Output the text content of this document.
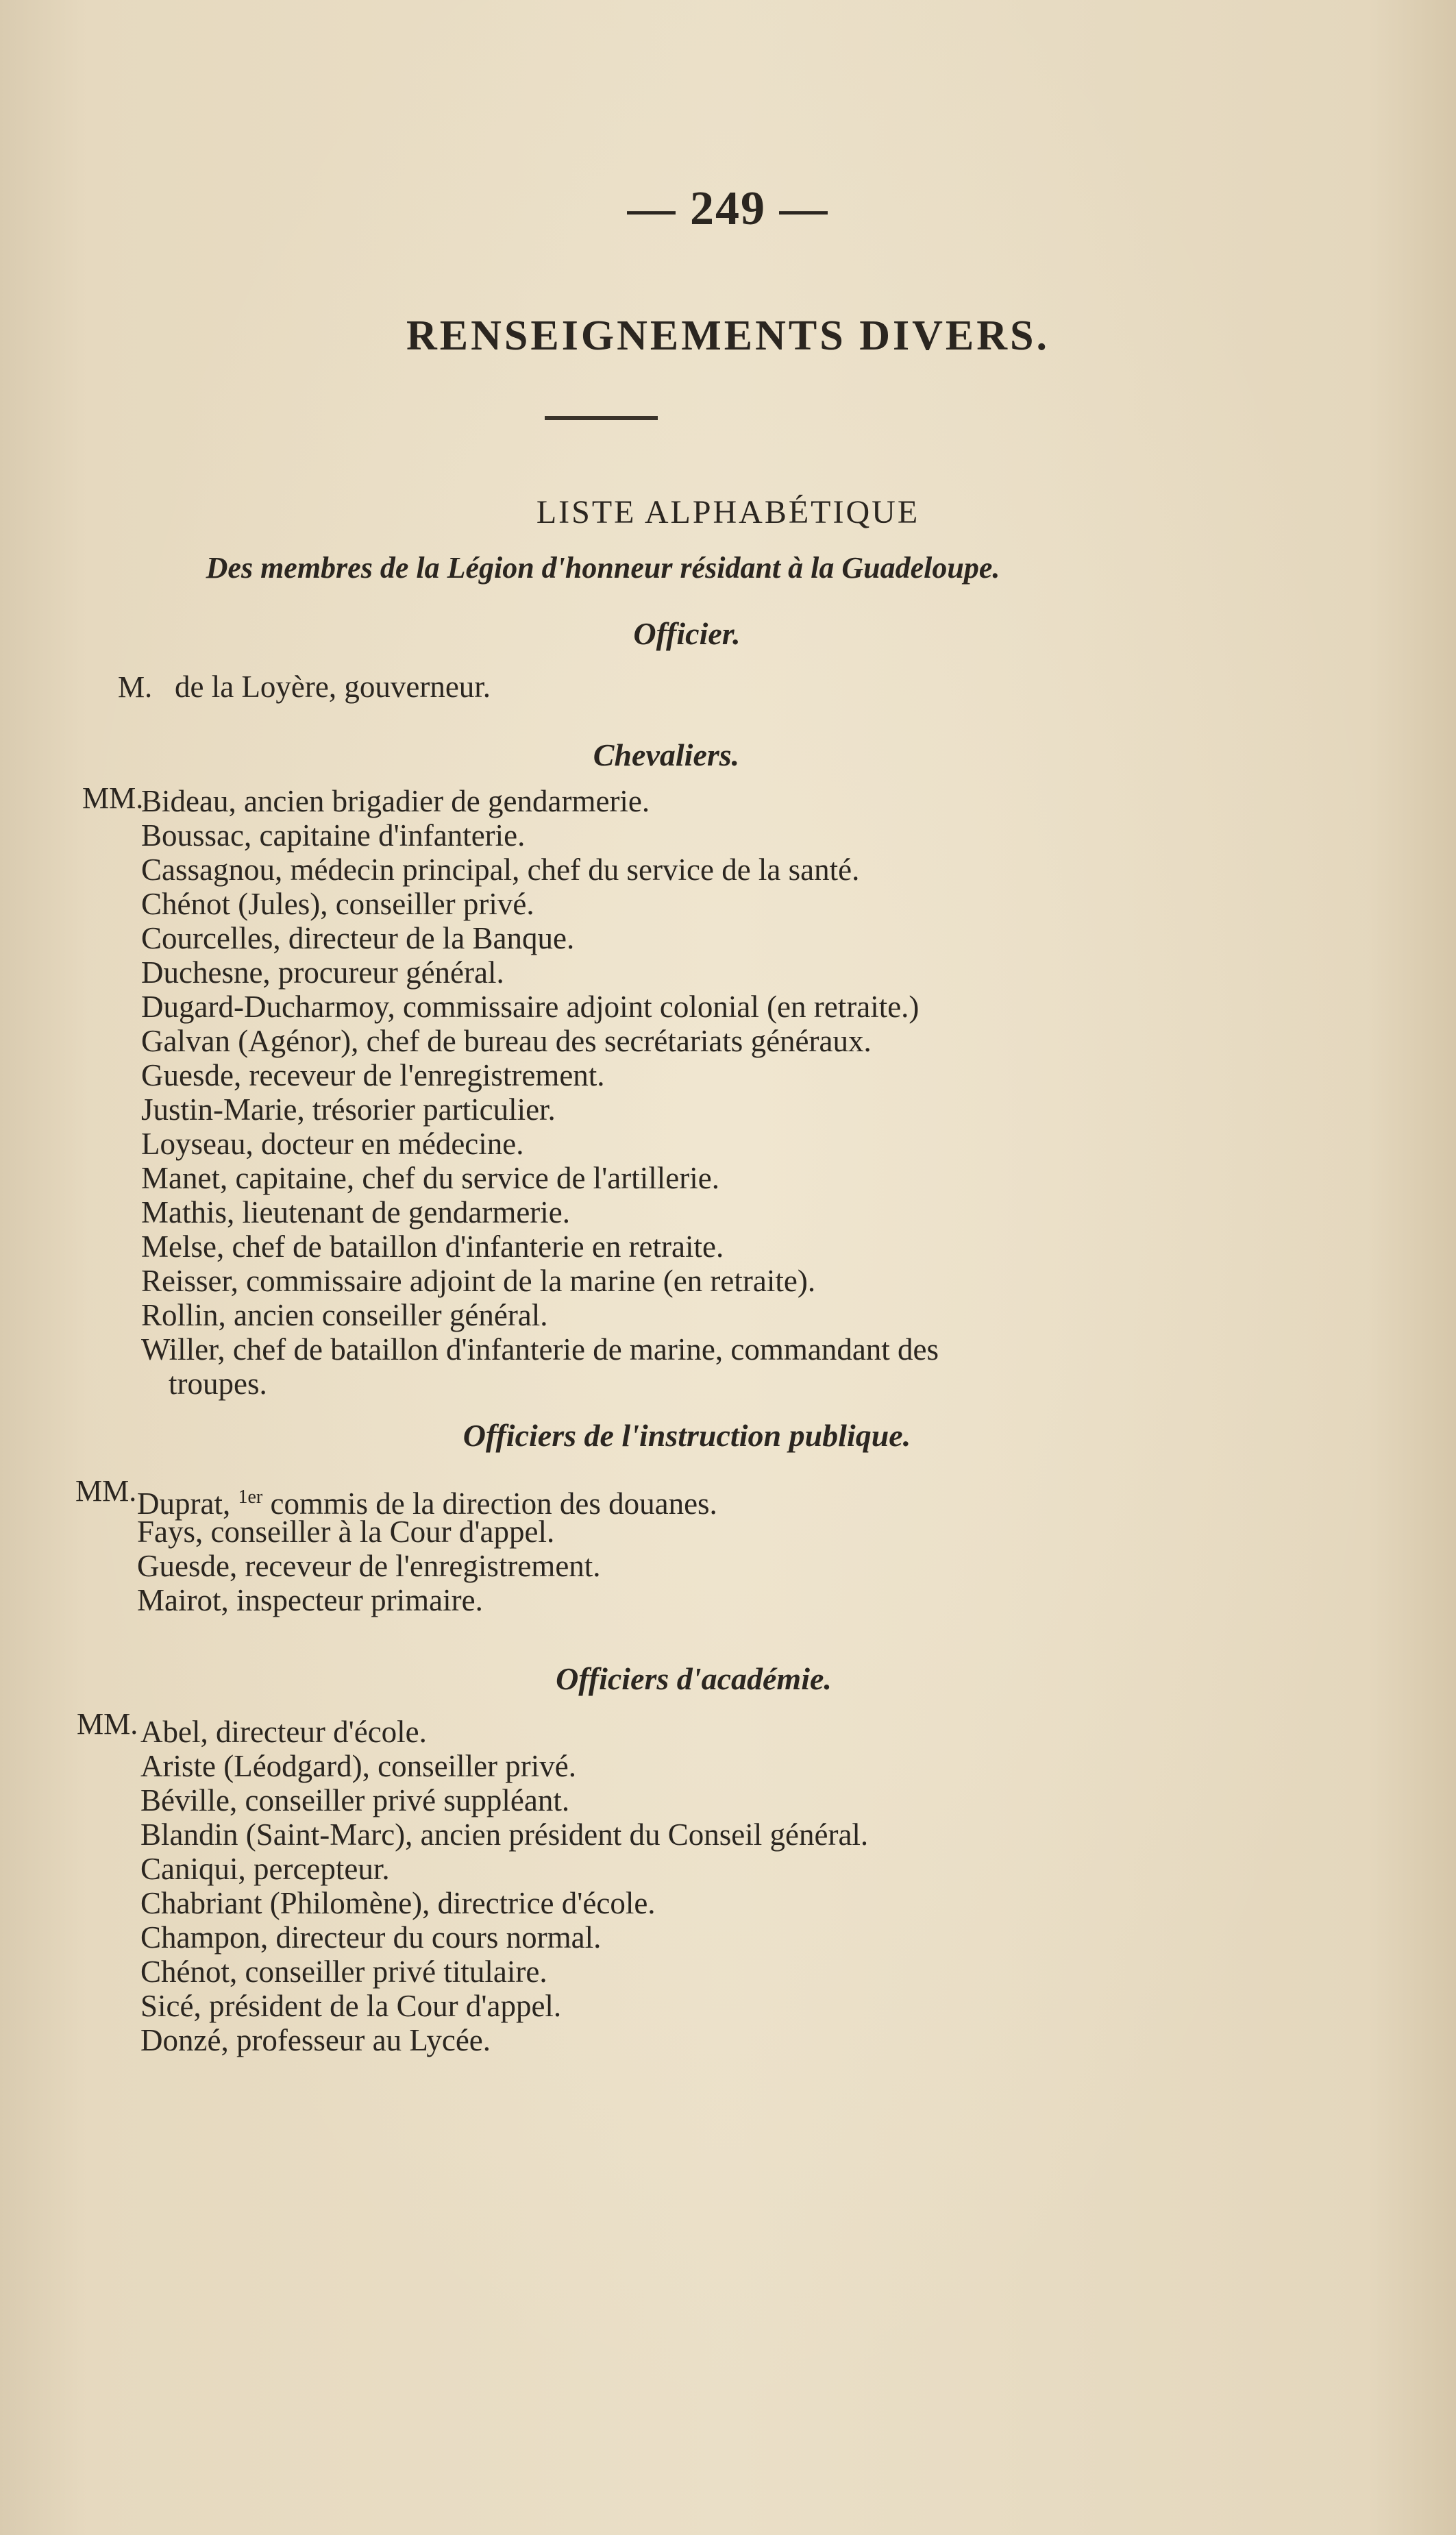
— 249 —
RENSEIGNEMENTS DIVERS.
LISTE ALPHABÉTIQUE
Des membres de la Légion d'honneur résidant à la Guadeloupe.
Officier.
M. de la Loyère, gouverneur.
Chevaliers.
MM.
Bideau, ancien brigadier de gendarmerie.
Boussac, capitaine d'infanterie.
Cassagnou, médecin principal, chef du service de la santé.
Chénot (Jules), conseiller privé.
Courcelles, directeur de la Banque.
Duchesne, procureur général.
Dugard-Ducharmoy, commissaire adjoint colonial (en retraite.)
Galvan (Agénor), chef de bureau des secrétariats généraux.
Guesde, receveur de l'enregistrement.
Justin-Marie, trésorier particulier.
Loyseau, docteur en médecine.
Manet, capitaine, chef du service de l'artillerie.
Mathis, lieutenant de gendarmerie.
Melse, chef de bataillon d'infanterie en retraite.
Reisser, commissaire adjoint de la marine (en retraite).
Rollin, ancien conseiller général.
Willer, chef de bataillon d'infanterie de marine, commandant des
troupes.
Officiers de l'instruction publique.
MM. Duprat, $^{1er}$ commis de la direction des douanes.
Fays, conseiller à la Cour d'appel.
Guesde, receveur de l'enregistrement.
Mairot, inspecteur primaire.
Officiers d'académie.
MM. Abel, directeur d'école.
Ariste (Léodgard), conseiller privé.
Béville, conseiller privé suppléant.
Blandin (Saint-Marc), ancien président du Conseil général.
Caniqui, percepteur.
Chabriant (Philomène), directrice d'école.
Champon, directeur du cours normal.
Chénot, conseiller privé titulaire.
Sicé, président de la Cour d'appel.
Donzé, professeur au Lycée.
